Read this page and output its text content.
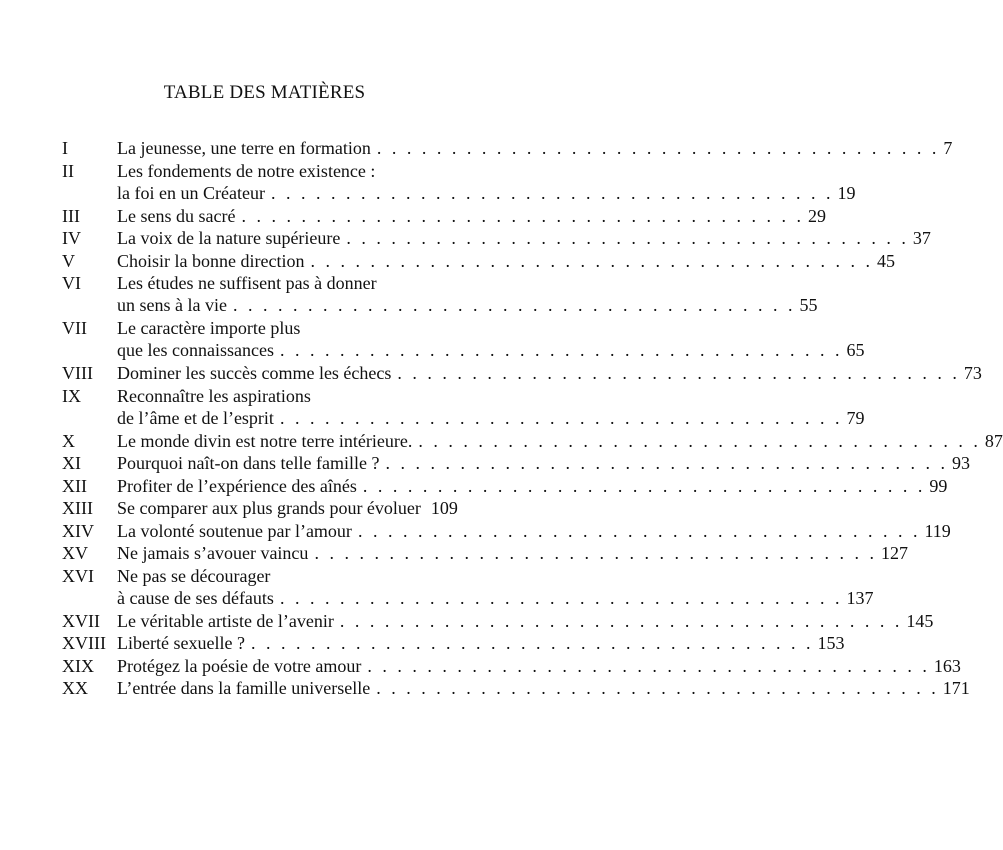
TABLE DES MATIÈRES
I	La jeunesse, une terre en formation . . . . . . . . . . . . . . . . . . . . . . . . . . . . . . . . . . . . . . 7
II Les fondements de notre existence :
la foi en un Créateur . . . . . . . . . . . . . . . . . . . . . . . . . . . . . . . . . . . . . . 19
III Le sens du sacré . . . . . . . . . . . . . . . . . . . . . . . . . . . . . . . . . . . . . . 29
IV La voix de la nature supérieure . . . . . . . . . . . . . . . . . . . . . . . . . . . . . . . . . . . . . . 37
V Choisir la bonne direction . . . . . . . . . . . . . . . . . . . . . . . . . . . . . . . . . . . . . . 45
VI Les études ne suffisent pas à donner
un sens à la vie . . . . . . . . . . . . . . . . . . . . . . . . . . . . . . . . . . . . . . 55
VII Le caractère importe plus
que les connaissances . . . . . . . . . . . . . . . . . . . . . . . . . . . . . . . . . . . . . . 65
VIII Dominer les succès comme les échecs . . . . . . . . . . . . . . . . . . . . . . . . . . . . . . . . . . . . . . 73
IX Reconnaître les aspirations
de l’âme et de l’esprit . . . . . . . . . . . . . . . . . . . . . . . . . . . . . . . . . . . . . . 79
X Le monde divin est notre terre intérieure. . . . . . . . . . . . . . . . . . . . . . . . . . . . . . . . . . . . . . . 87
XI Pourquoi naît-on dans telle famille ? . . . . . . . . . . . . . . . . . . . . . . . . . . . . . . . . . . . . . . 93
XII Profiter de l’expérience des aînés . . . . . . . . . . . . . . . . . . . . . . . . . . . . . . . . . . . . . . 99
XIII Se comparer aux plus grands pour évoluer 109
XIV La volonté soutenue par l’amour . . . . . . . . . . . . . . . . . . . . . . . . . . . . . . . . . . . . . . 119
XV Ne jamais s’avouer vaincu . . . . . . . . . . . . . . . . . . . . . . . . . . . . . . . . . . . . . . 127
XVI Ne pas se décourager
à cause de ses défauts . . . . . . . . . . . . . . . . . . . . . . . . . . . . . . . . . . . . . . 137
XVII Le véritable artiste de l’avenir . . . . . . . . . . . . . . . . . . . . . . . . . . . . . . . . . . . . . . 145
XVIII Liberté sexuelle ? . . . . . . . . . . . . . . . . . . . . . . . . . . . . . . . . . . . . . . 153
XIX Protégez la poésie de votre amour . . . . . . . . . . . . . . . . . . . . . . . . . . . . . . . . . . . . . . 163
XX L’entrée dans la famille universelle . . . . . . . . . . . . . . . . . . . . . . . . . . . . . . . . . . . . . . 171
